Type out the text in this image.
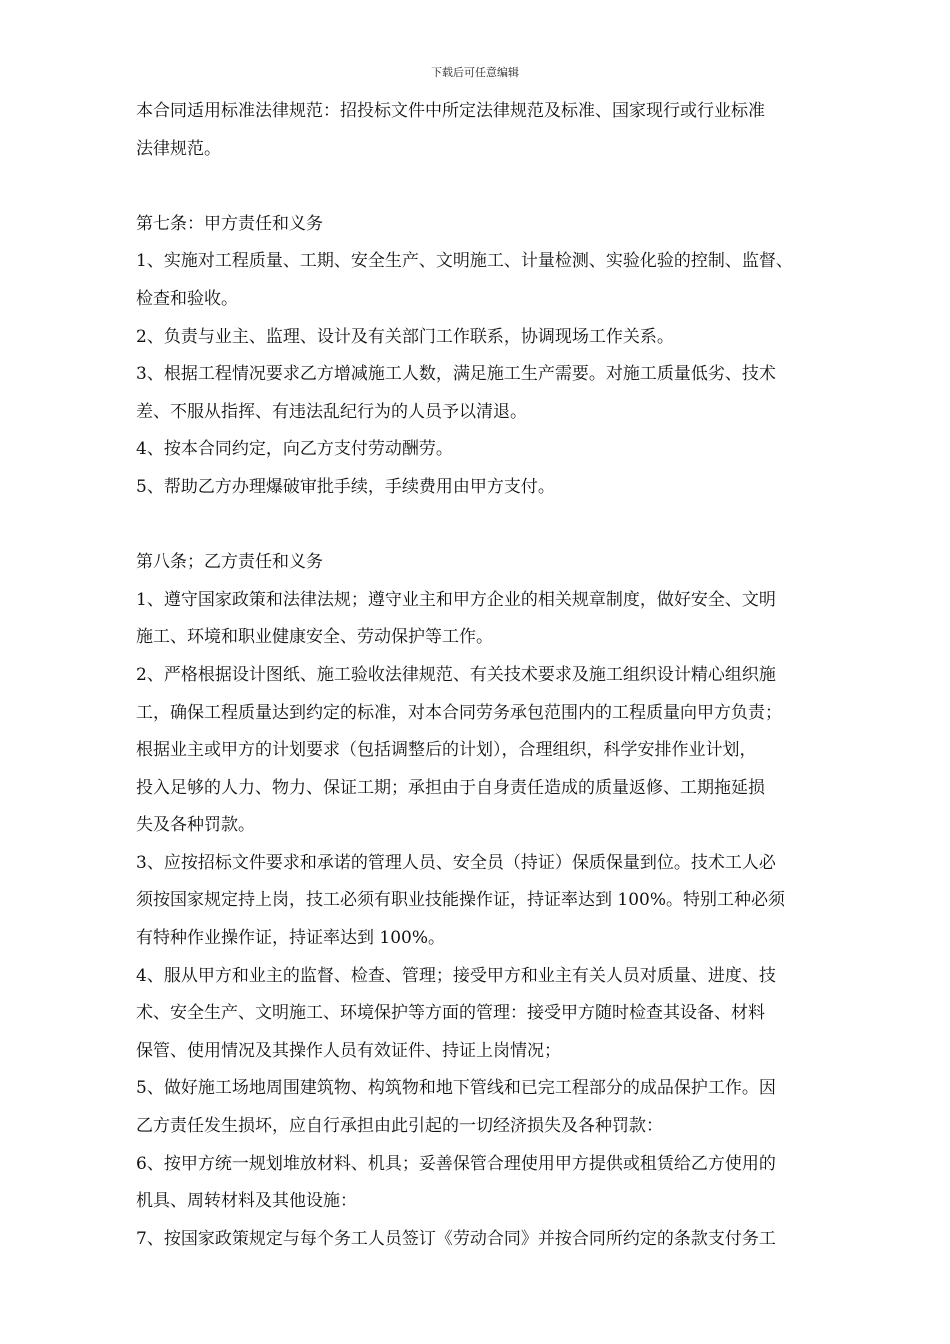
下载后可任意编辑
本合同适用标准法律规范：招投标文件中所定法律规范及标准、国家现行或行业标准
法律规范。
第七条：甲方责任和义务
1、实施对工程质量、工期、安全生产、文明施工、计量检测、实验化验的控制、监督、
检查和验收。
2、负责与业主、监理、设计及有关部门工作联系，协调现场工作关系。
3、根据工程情况要求乙方增减施工人数，满足施工生产需要。对施工质量低劣、技术
差、不服从指挥、有违法乱纪行为的人员予以清退。
4、按本合同约定，向乙方支付劳动酬劳。
5、帮助乙方办理爆破审批手续，手续费用由甲方支付。
第八条；乙方责任和义务
1、遵守国家政策和法律法规；遵守业主和甲方企业的相关规章制度，做好安全、文明
施工、环境和职业健康安全、劳动保护等工作。
2、严格根据设计图纸、施工验收法律规范、有关技术要求及施工组织设计精心组织施
工，确保工程质量达到约定的标准，对本合同劳务承包范围内的工程质量向甲方负责；
根据业主或甲方的计划要求（包括调整后的计划），合理组织，科学安排作业计划，
投入足够的人力、物力、保证工期；承担由于自身责任造成的质量返修、工期拖延损
失及各种罚款。
3、应按招标文件要求和承诺的管理人员、安全员（持证）保质保量到位。技术工人必
须按国家规定持上岗，技工必须有职业技能操作证，持证率达到 100%。特别工种必须
有特种作业操作证，持证率达到 100%。
4、服从甲方和业主的监督、检查、管理；接受甲方和业主有关人员对质量、进度、技
术、安全生产、文明施工、环境保护等方面的管理：接受甲方随时检查其设备、材料
保管、使用情况及其操作人员有效证件、持证上岗情况；
5、做好施工场地周围建筑物、构筑物和地下管线和已完工程部分的成品保护工作。因
乙方责任发生损坏，应自行承担由此引起的一切经济损失及各种罚款：
6、按甲方统一规划堆放材料、机具；妥善保管合理使用甲方提供或租赁给乙方使用的
机具、周转材料及其他设施：
7、按国家政策规定与每个务工人员签订《劳动合同》并按合同所约定的条款支付务工
